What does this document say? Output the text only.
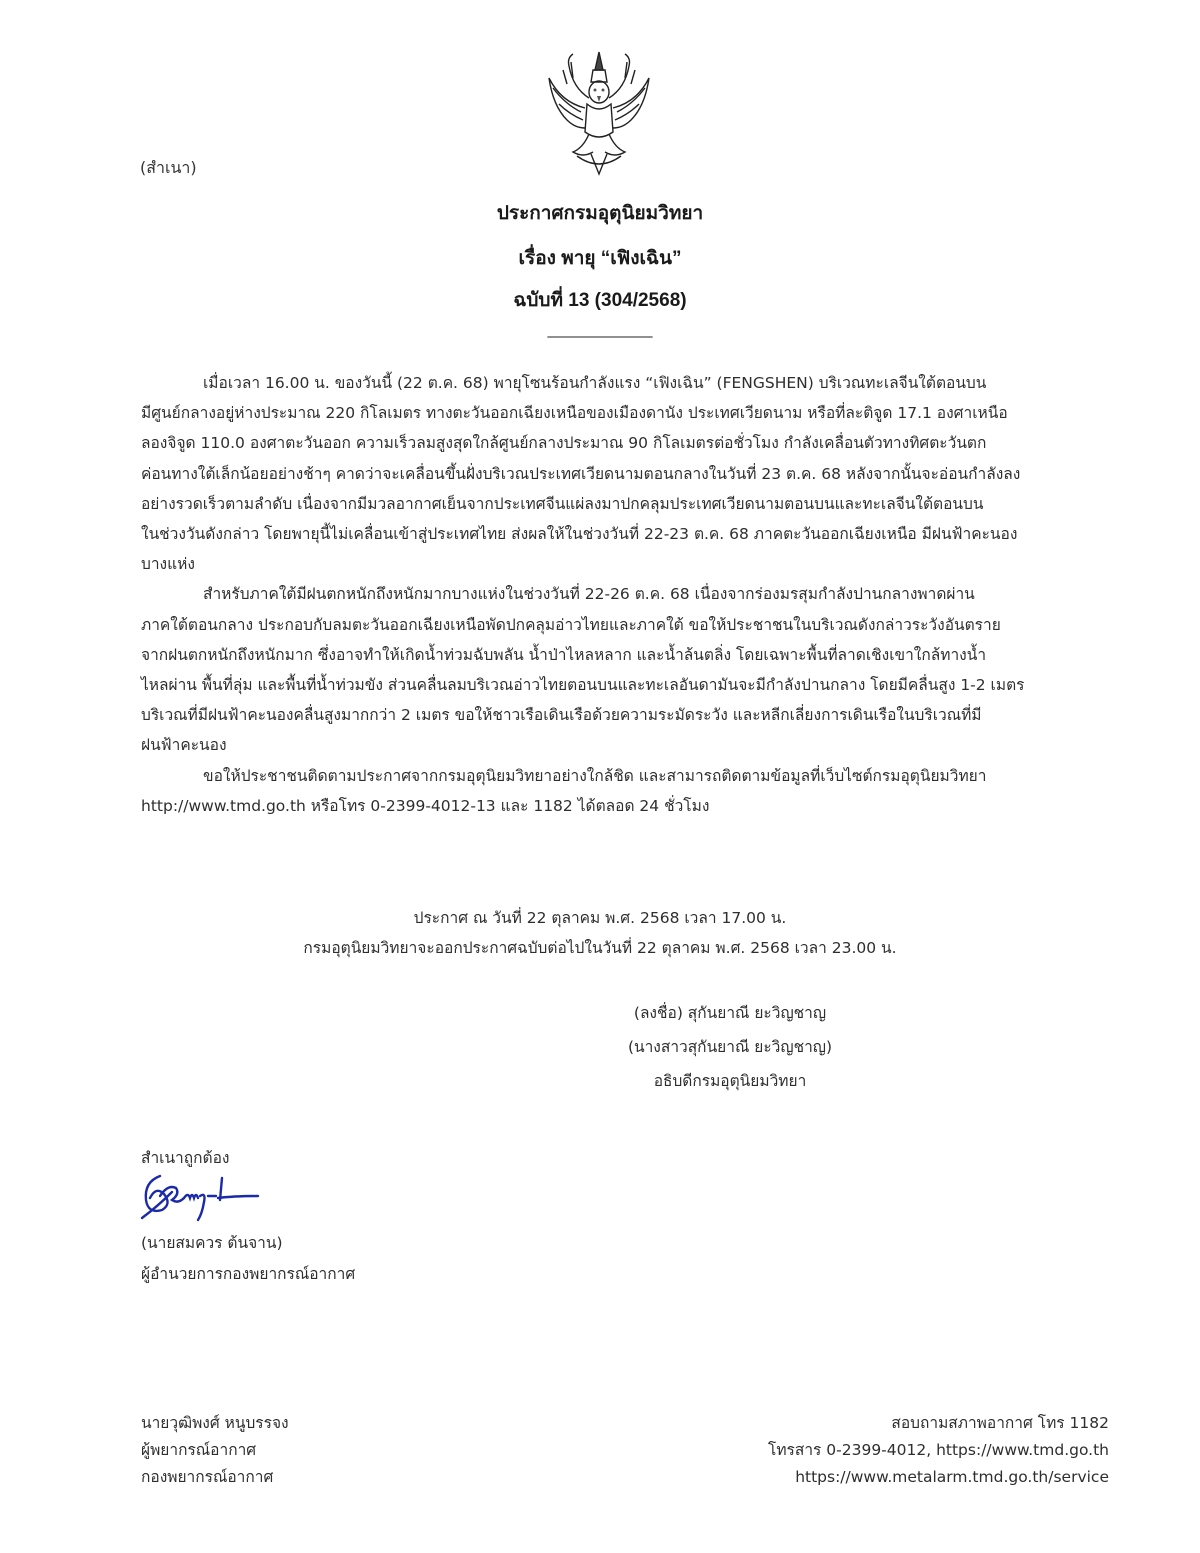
(สำเนา)
ประกาศกรมอุตุนิยมวิทยา
เรื่อง พายุ “เฟิงเฉิน”
ฉบับที่ 13 (304/2568)
_______________
เมื่อเวลา 16.00 น. ของวันนี้ (22 ต.ค. 68) พายุโซนร้อนกำลังแรง “เฟิงเฉิน” (FENGSHEN) บริเวณทะเลจีนใต้ตอนบน
มีศูนย์กลางอยู่ห่างประมาณ 220 กิโลเมตร ทางตะวันออกเฉียงเหนือของเมืองดานัง ประเทศเวียดนาม หรือที่ละติจูด 17.1 องศาเหนือ
ลองจิจูด 110.0 องศาตะวันออก ความเร็วลมสูงสุดใกล้ศูนย์กลางประมาณ 90 กิโลเมตรต่อชั่วโมง กำลังเคลื่อนตัวทางทิศตะวันตก
ค่อนทางใต้เล็กน้อยอย่างช้าๆ คาดว่าจะเคลื่อนขึ้นฝั่งบริเวณประเทศเวียดนามตอนกลางในวันที่ 23 ต.ค. 68 หลังจากนั้นจะอ่อนกำลังลง
อย่างรวดเร็วตามลำดับ เนื่องจากมีมวลอากาศเย็นจากประเทศจีนแผ่ลงมาปกคลุมประเทศเวียดนามตอนบนและทะเลจีนใต้ตอนบน
ในช่วงวันดังกล่าว โดยพายุนี้ไม่เคลื่อนเข้าสู่ประเทศไทย ส่งผลให้ในช่วงวันที่ 22-23 ต.ค. 68 ภาคตะวันออกเฉียงเหนือ มีฝนฟ้าคะนอง
บางแห่ง
สำหรับภาคใต้มีฝนตกหนักถึงหนักมากบางแห่งในช่วงวันที่ 22-26 ต.ค. 68 เนื่องจากร่องมรสุมกำลังปานกลางพาดผ่าน
ภาคใต้ตอนกลาง ประกอบกับลมตะวันออกเฉียงเหนือพัดปกคลุมอ่าวไทยและภาคใต้ ขอให้ประชาชนในบริเวณดังกล่าวระวังอันตราย
จากฝนตกหนักถึงหนักมาก ซึ่งอาจทำให้เกิดน้ำท่วมฉับพลัน น้ำป่าไหลหลาก และน้ำล้นตลิ่ง โดยเฉพาะพื้นที่ลาดเชิงเขาใกล้ทางน้ำ
ไหลผ่าน พื้นที่ลุ่ม และพื้นที่น้ำท่วมขัง ส่วนคลื่นลมบริเวณอ่าวไทยตอนบนและทะเลอันดามันจะมีกำลังปานกลาง โดยมีคลื่นสูง 1-2 เมตร
บริเวณที่มีฝนฟ้าคะนองคลื่นสูงมากกว่า 2 เมตร ขอให้ชาวเรือเดินเรือด้วยความระมัดระวัง และหลีกเลี่ยงการเดินเรือในบริเวณที่มี
ฝนฟ้าคะนอง
ขอให้ประชาชนติดตามประกาศจากกรมอุตุนิยมวิทยาอย่างใกล้ชิด และสามารถติดตามข้อมูลที่เว็บไซต์กรมอุตุนิยมวิทยา
http://www.tmd.go.th หรือโทร 0-2399-4012-13 และ 1182 ได้ตลอด 24 ชั่วโมง
ประกาศ ณ วันที่ 22 ตุลาคม พ.ศ. 2568 เวลา 17.00 น.
กรมอุตุนิยมวิทยาจะออกประกาศฉบับต่อไปในวันที่ 22 ตุลาคม พ.ศ. 2568 เวลา 23.00 น.
(ลงชื่อ) สุกันยาณี ยะวิญชาญ
(นางสาวสุกันยาณี ยะวิญชาญ)
อธิบดีกรมอุตุนิยมวิทยา
สำเนาถูกต้อง
(นายสมควร ต้นจาน)
ผู้อำนวยการกองพยากรณ์อากาศ
นายวุฒิพงศ์ หนูบรรจง
ผู้พยากรณ์อากาศ
กองพยากรณ์อากาศ
สอบถามสภาพอากาศ โทร 1182
โทรสาร 0-2399-4012, https://www.tmd.go.th
https://www.metalarm.tmd.go.th/service
